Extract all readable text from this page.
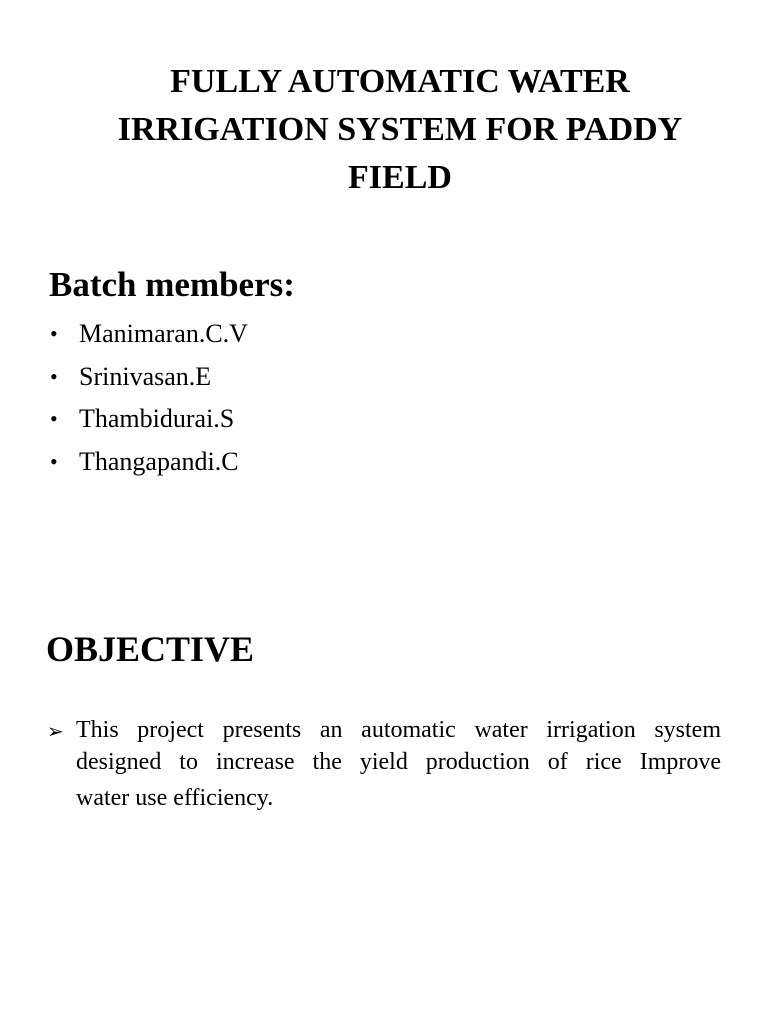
FULLY AUTOMATIC WATER
IRRIGATION SYSTEM FOR PADDY
FIELD
Batch members:
• Manimaran.C.V
• Srinivasan.E
• Thambidurai.S
• Thangapandi.C
OBJECTIVE
➢ This project presents an automatic water irrigation system
designed to increase the yield production of rice Improve
water use efficiency.
